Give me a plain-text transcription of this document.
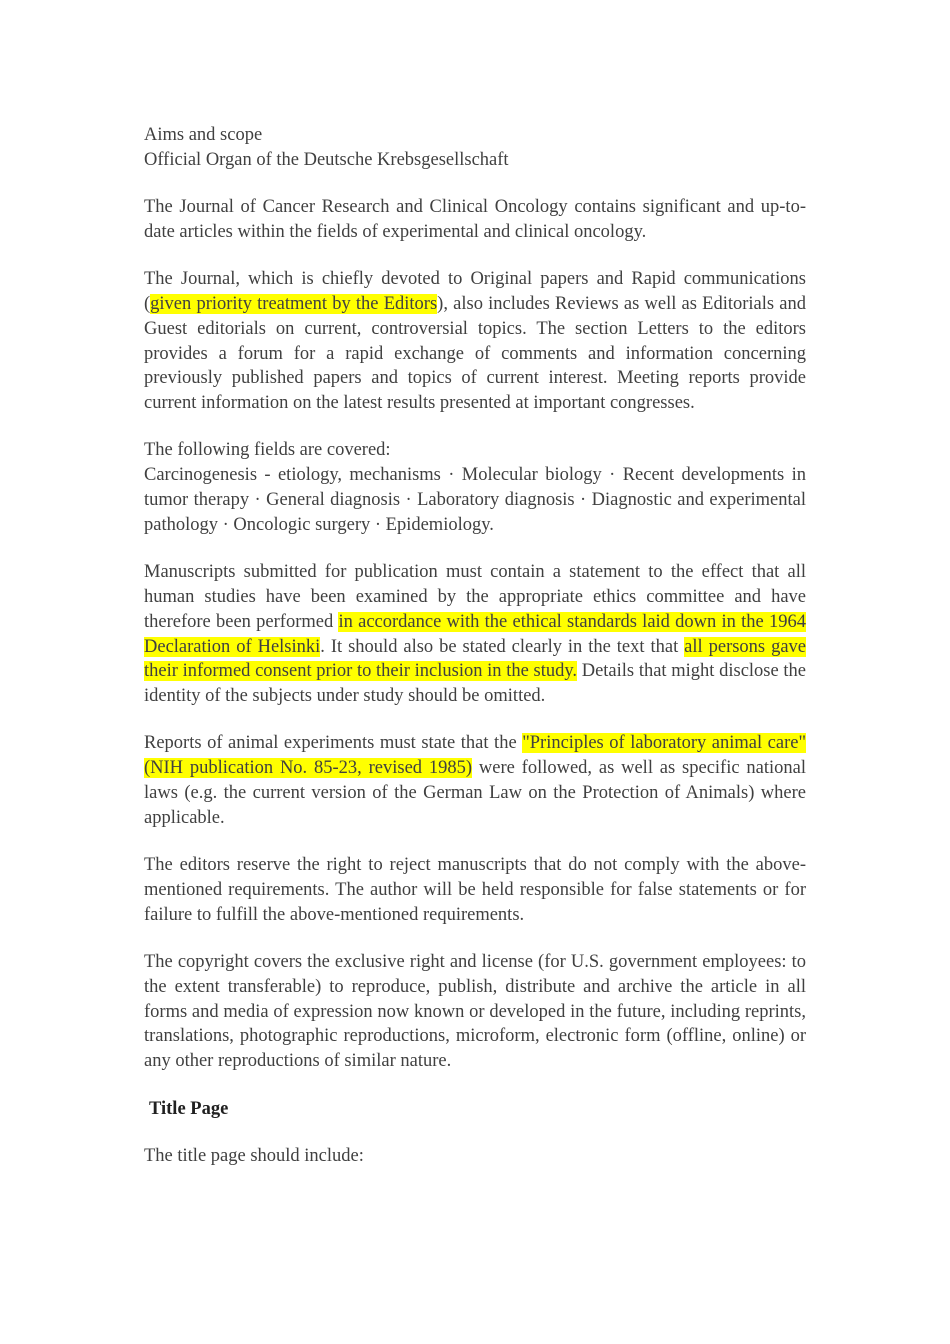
Aims and scope

Official Organ of the Deutsche Krebsgesellschaft

The Journal of Cancer Research and Clinical Oncology contains significant and up-to-date articles within the fields of experimental and clinical oncology.

The Journal, which is chiefly devoted to Original papers and Rapid communications (given priority treatment by the Editors), also includes Reviews as well as Editorials and Guest editorials on current, controversial topics. The section Letters to the editors provides a forum for a rapid exchange of comments and information concerning previously published papers and topics of current interest. Meeting reports provide current information on the latest results presented at important congresses.

The following fields are covered:

Carcinogenesis - etiology, mechanisms · Molecular biology · Recent developments in tumor therapy · General diagnosis · Laboratory diagnosis · Diagnostic and experimental pathology · Oncologic surgery · Epidemiology.

Manuscripts submitted for publication must contain a statement to the effect that all human studies have been examined by the appropriate ethics committee and have therefore been performed in accordance with the ethical standards laid down in the 1964 Declaration of Helsinki. It should also be stated clearly in the text that all persons gave their informed consent prior to their inclusion in the study. Details that might disclose the identity of the subjects under study should be omitted.

Reports of animal experiments must state that the "Principles of laboratory animal care" (NIH publication No. 85-23, revised 1985) were followed, as well as specific national laws (e.g. the current version of the German Law on the Protection of Animals) where applicable.

The editors reserve the right to reject manuscripts that do not comply with the above-mentioned requirements. The author will be held responsible for false statements or for failure to fulfill the above-mentioned requirements.

The copyright covers the exclusive right and license (for U.S. government employees: to the extent transferable) to reproduce, publish, distribute and archive the article in all forms and media of expression now known or developed in the future, including reprints, translations, photographic reproductions, microform, electronic form (offline, online) or any other reproductions of similar nature.

Title Page

The title page should include:
